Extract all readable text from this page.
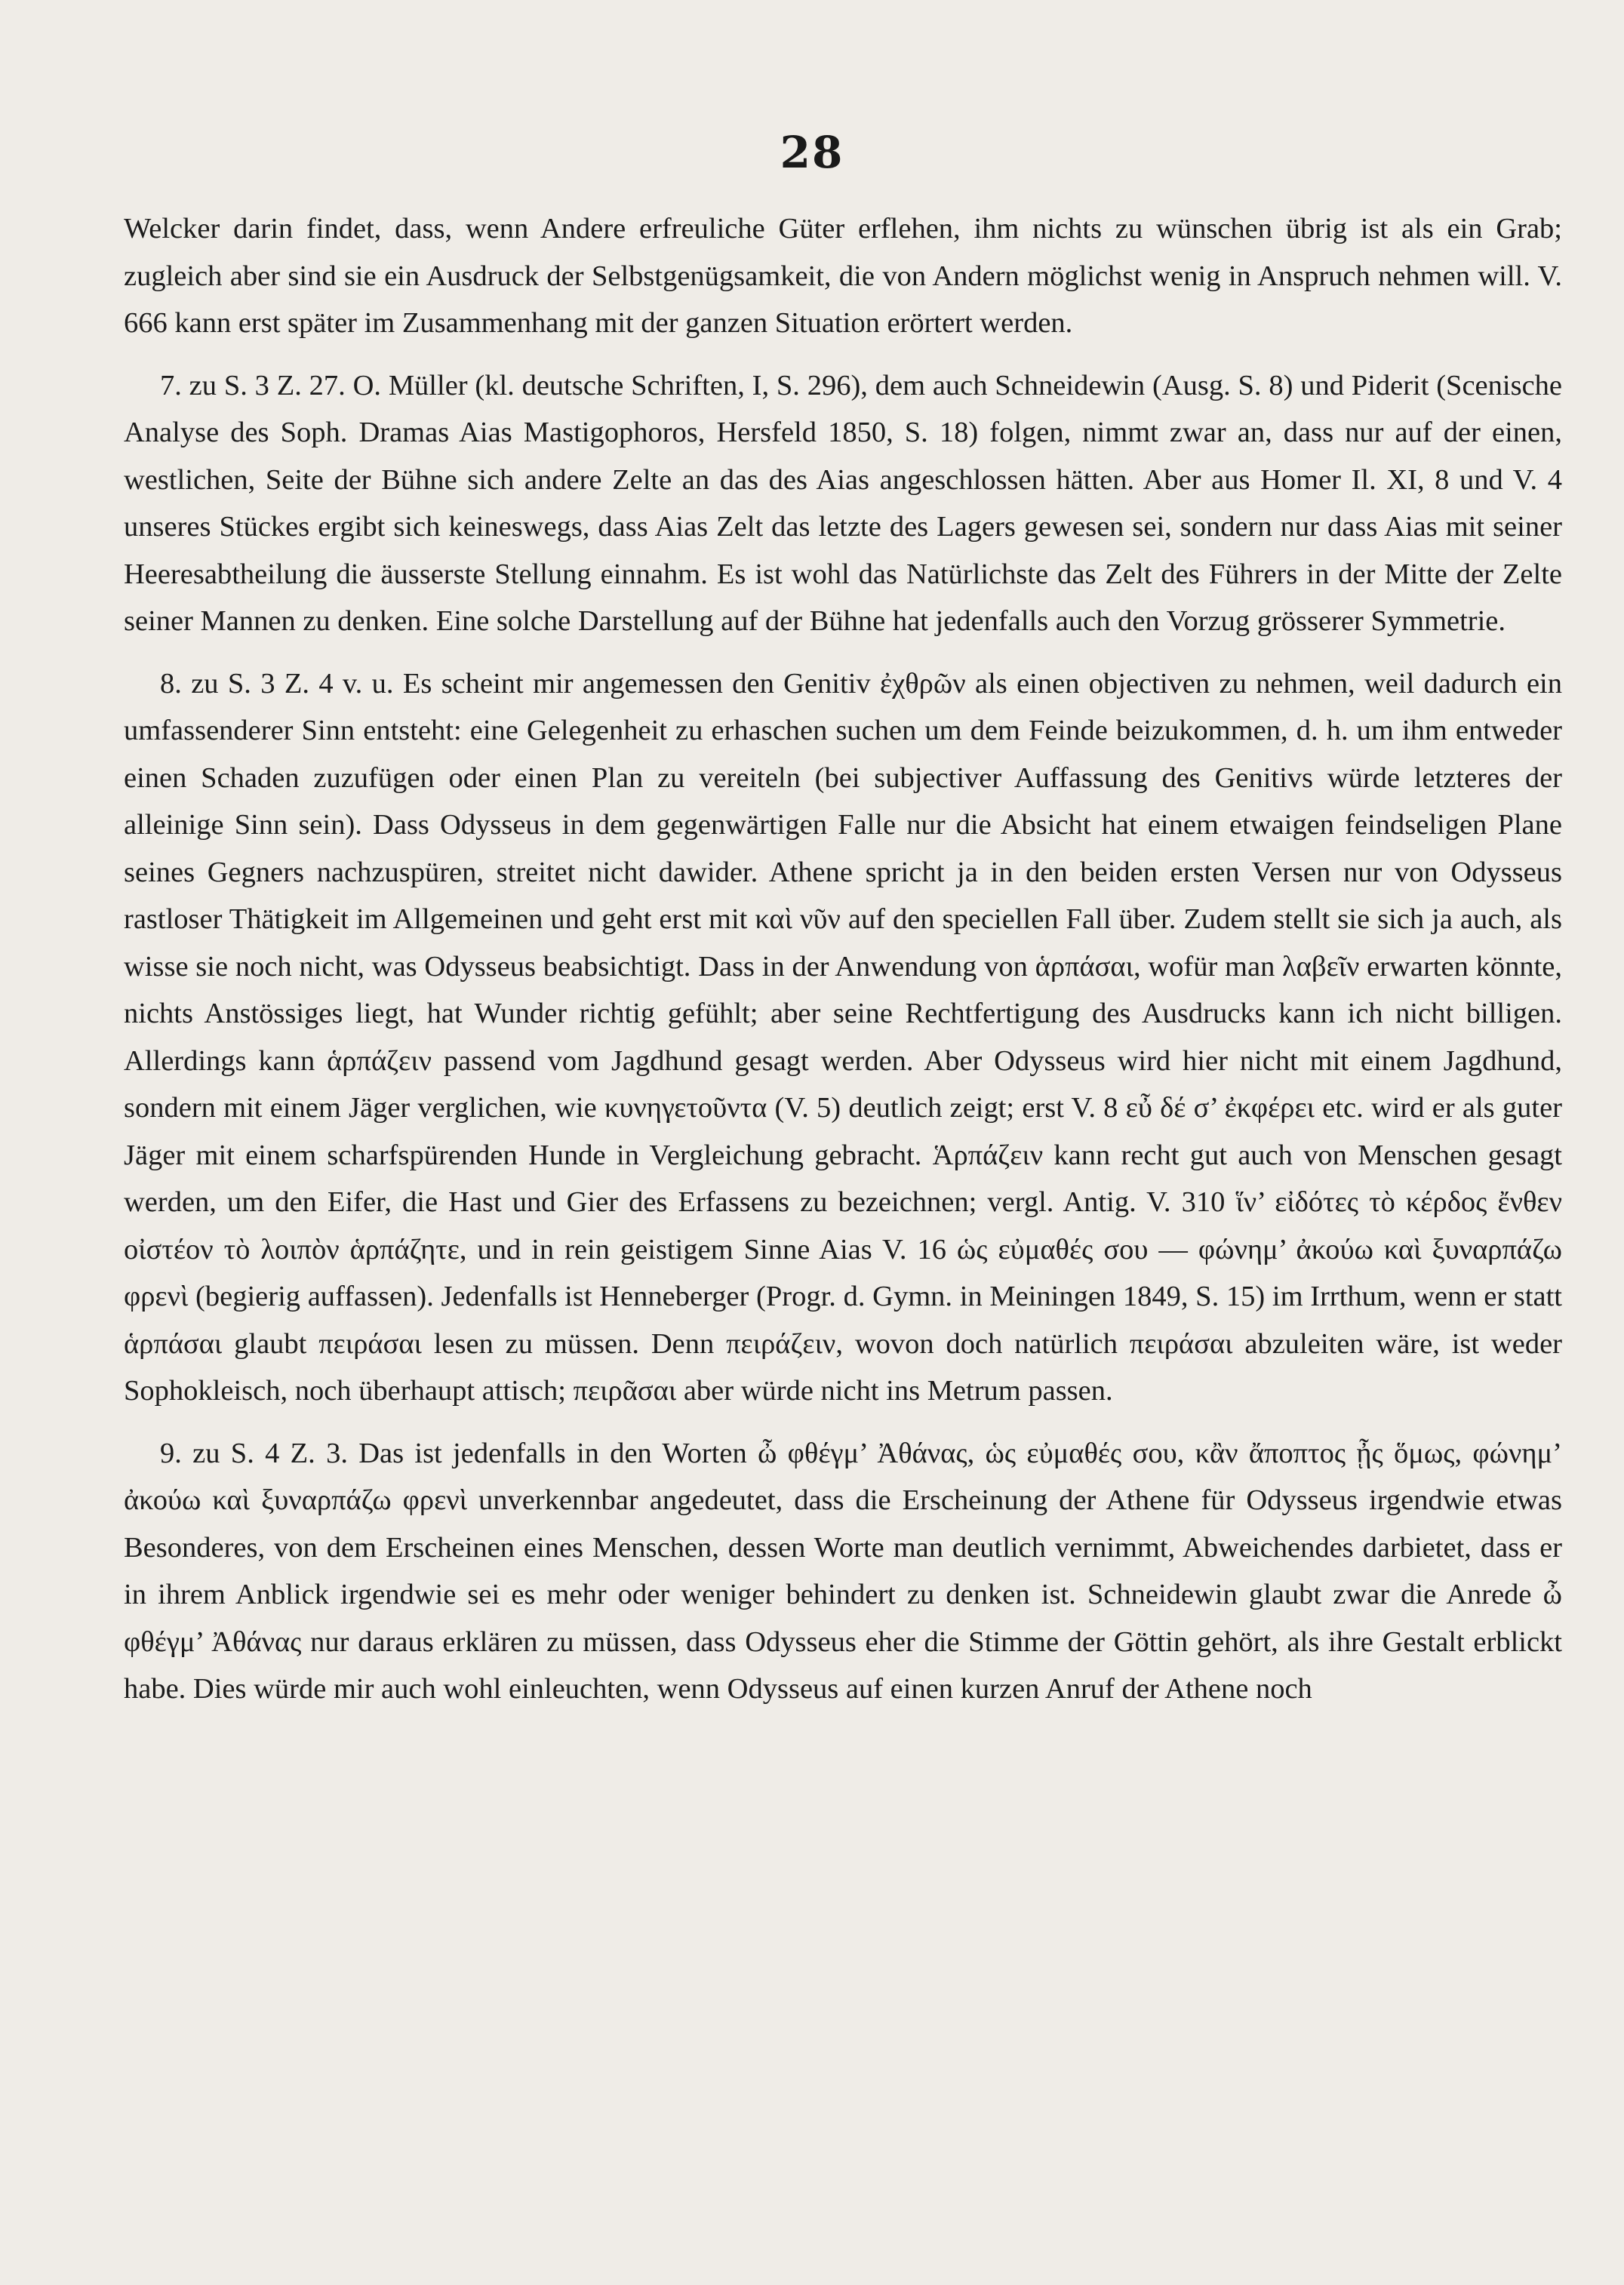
28

Welcker darin findet, dass, wenn Andere erfreuliche Güter erflehen, ihm nichts zu wünschen übrig ist als ein Grab; zugleich aber sind sie ein Ausdruck der Selbstgenügsamkeit, die von Andern möglichst wenig in Anspruch nehmen will. V. 666 kann erst später im Zusammenhang mit der ganzen Situation erörtert werden.

7. zu S. 3 Z. 27. O. Müller (kl. deutsche Schriften, I, S. 296), dem auch Schneidewin (Ausg. S. 8) und Piderit (Scenische Analyse des Soph. Dramas Aias Mastigophoros, Hersfeld 1850, S. 18) folgen, nimmt zwar an, dass nur auf der einen, westlichen, Seite der Bühne sich andere Zelte an das des Aias angeschlossen hätten. Aber aus Homer Il. XI, 8 und V. 4 unseres Stückes ergibt sich keineswegs, dass Aias Zelt das letzte des Lagers gewesen sei, sondern nur dass Aias mit seiner Heeresabtheilung die äusserste Stellung einnahm. Es ist wohl das Natürlichste das Zelt des Führers in der Mitte der Zelte seiner Mannen zu denken. Eine solche Darstellung auf der Bühne hat jedenfalls auch den Vorzug grösserer Symmetrie.

8. zu S. 3 Z. 4 v. u. Es scheint mir angemessen den Genitiv ἐχθρῶν als einen objectiven zu nehmen, weil dadurch ein umfassenderer Sinn entsteht: eine Gelegenheit zu erhaschen suchen um dem Feinde beizukommen, d. h. um ihm entweder einen Schaden zuzufügen oder einen Plan zu vereiteln (bei subjectiver Auffassung des Genitivs würde letzteres der alleinige Sinn sein). Dass Odysseus in dem gegenwärtigen Falle nur die Absicht hat einem etwaigen feindseligen Plane seines Gegners nachzuspüren, streitet nicht dawider. Athene spricht ja in den beiden ersten Versen nur von Odysseus rastloser Thätigkeit im Allgemeinen und geht erst mit καὶ νῦν auf den speciellen Fall über. Zudem stellt sie sich ja auch, als wisse sie noch nicht, was Odysseus beabsichtigt. Dass in der Anwendung von ἁρπάσαι, wofür man λαβεῖν erwarten könnte, nichts Anstössiges liegt, hat Wunder richtig gefühlt; aber seine Rechtfertigung des Ausdrucks kann ich nicht billigen. Allerdings kann ἁρπάζειν passend vom Jagdhund gesagt werden. Aber Odysseus wird hier nicht mit einem Jagdhund, sondern mit einem Jäger verglichen, wie κυνηγετοῦντα (V. 5) deutlich zeigt; erst V. 8 εὖ δέ σ’ ἐκφέρει etc. wird er als guter Jäger mit einem scharfspürenden Hunde in Vergleichung gebracht. Ἁρπάζειν kann recht gut auch von Menschen gesagt werden, um den Eifer, die Hast und Gier des Erfassens zu bezeichnen; vergl. Antig. V. 310 ἵν’ εἰδότες τὸ κέρδος ἔνθεν οἰστέον τὸ λοιπὸν ἁρπάζητε, und in rein geistigem Sinne Aias V. 16 ὡς εὐμαθές σου — φώνημ’ ἀκούω καὶ ξυναρπάζω φρενὶ (begierig auffassen). Jedenfalls ist Henneberger (Progr. d. Gymn. in Meiningen 1849, S. 15) im Irrthum, wenn er statt ἁρπάσαι glaubt πειράσαι lesen zu müssen. Denn πειράζειν, wovon doch natürlich πειράσαι abzuleiten wäre, ist weder Sophokleisch, noch überhaupt attisch; πειρᾶσαι aber würde nicht ins Metrum passen.

9. zu S. 4 Z. 3. Das ist jedenfalls in den Worten ὦ φθέγμ’ Ἀθάνας, ὡς εὐμαθές σου, κἂν ἄποπτος ᾖς ὅμως, φώνημ’ ἀκούω καὶ ξυναρπάζω φρενὶ unverkennbar angedeutet, dass die Erscheinung der Athene für Odysseus irgendwie etwas Besonderes, von dem Erscheinen eines Menschen, dessen Worte man deutlich vernimmt, Abweichendes darbietet, dass er in ihrem Anblick irgendwie sei es mehr oder weniger behindert zu denken ist. Schneidewin glaubt zwar die Anrede ὦ φθέγμ’ Ἀθάνας nur daraus erklären zu müssen, dass Odysseus eher die Stimme der Göttin gehört, als ihre Gestalt erblickt habe. Dies würde mir auch wohl einleuchten, wenn Odysseus auf einen kurzen Anruf der Athene noch
